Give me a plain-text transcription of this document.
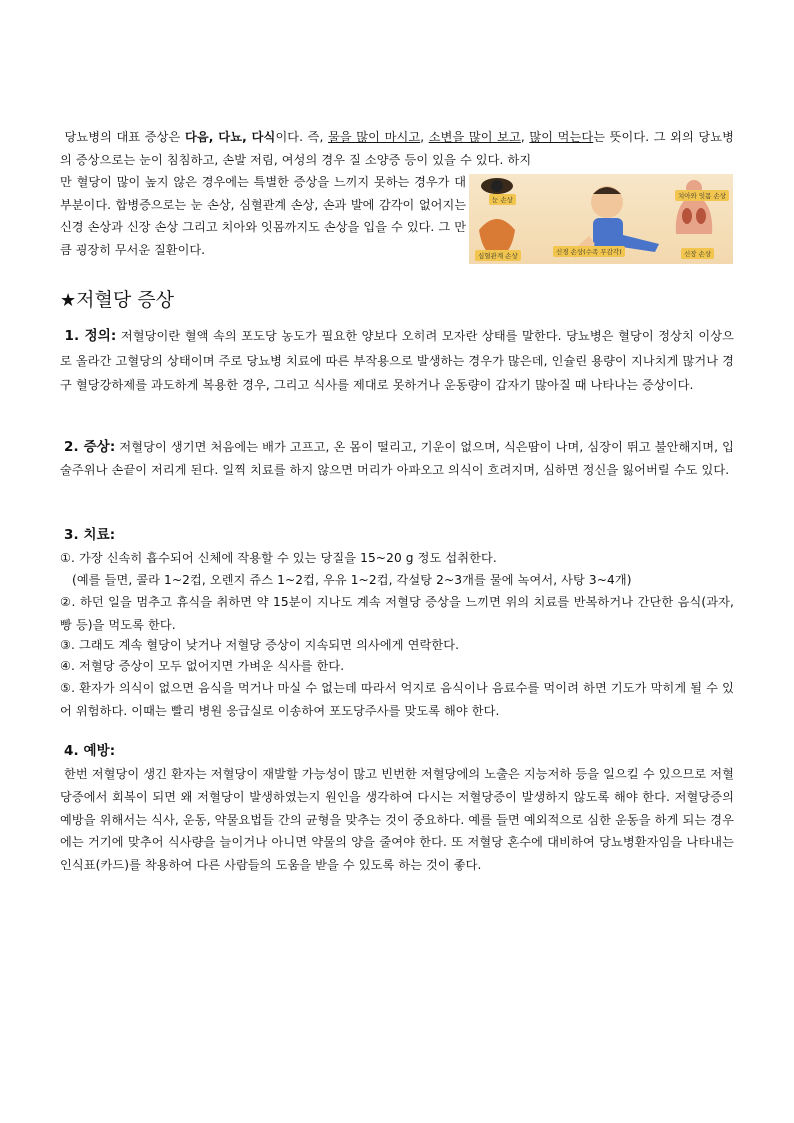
당뇨병의 대표 증상은 다음, 다뇨, 다식이다. 즉, 물을 많이 마시고, 소변을 많이 보고, 많이 먹는다는 뜻이다. 그 외의 당뇨병의 증상으로는 눈이 침침하고, 손발 저림, 여성의 경우 질 소양증 등이 있을 수 있다. 하지
만 혈당이 많이 높지 않은 경우에는 특별한 증상을 느끼지 못하는 경우가 대부분이다. 합병증으로는 눈 손상, 심혈관계 손상, 손과 발에 감각이 없어지는 신경 손상과 신장 손상 그리고 치아와 잇몸까지도 손상을 입을 수 있다. 그 만큼 굉장히 무서운 질환이다.
눈 손상	치아와 잇몸 손상
심혈관계 손상	신경 손상(수족 무감각)	신장 손상
★저혈당 증상
1. 정의: 저혈당이란 혈액 속의 포도당 농도가 필요한 양보다 오히려 모자란 상태를 말한다. 당뇨병은 혈당이 정상치 이상으로 올라간 고혈당의 상태이며 주로 당뇨병 치료에 따른 부작용으로 발생하는 경우가 많은데, 인슐린 용량이 지나치게 많거나 경구 혈당강하제를 과도하게 복용한 경우, 그리고 식사를 제대로 못하거나 운동량이 갑자기 많아질 때 나타나는 증상이다.
2. 증상: 저혈당이 생기면 처음에는 배가 고프고, 온 몸이 떨리고, 기운이 없으며, 식은땀이 나며, 심장이 뛰고 불안해지며, 입술주위나 손끝이 저리게 된다. 일찍 치료를 하지 않으면 머리가 아파오고 의식이 흐려지며, 심하면 정신을 잃어버릴 수도 있다.
3. 치료:
①. 가장 신속히 흡수되어 신체에 작용할 수 있는 당질을 15~20 g 정도 섭취한다.
(예를 들면, 콜라 1~2컵, 오렌지 쥬스 1~2컵, 우유 1~2컵, 각설탕 2~3개를 물에 녹여서, 사탕 3~4개)
②. 하던 일을 멈추고 휴식을 취하면 약 15분이 지나도 계속 저혈당 증상을 느끼면 위의 치료를 반복하거나 간단한 음식(과자, 빵 등)을 먹도록 한다.
③. 그래도 계속 혈당이 낮거나 저혈당 증상이 지속되면 의사에게 연락한다.
④. 저혈당 증상이 모두 없어지면 가벼운 식사를 한다.
⑤. 환자가 의식이 없으면 음식을 먹거나 마실 수 없는데 따라서 억지로 음식이나 음료수를 먹이려 하면 기도가 막히게 될 수 있어 위험하다. 이때는 빨리 병원 응급실로 이송하여 포도당주사를 맞도록 해야 한다.
4. 예방:
한번 저혈당이 생긴 환자는 저혈당이 재발할 가능성이 많고 빈번한 저혈당에의 노출은 지능저하 등을 일으킬 수 있으므로 저혈당증에서 회복이 되면 왜 저혈당이 발생하였는지 원인을 생각하여 다시는 저혈당증이 발생하지 않도록 해야 한다. 저혈당증의 예방을 위해서는 식사, 운동, 약물요법들 간의 균형을 맞추는 것이 중요하다. 예를 들면 예외적으로 심한 운동을 하게 되는 경우에는 거기에 맞추어 식사량을 늘이거나 아니면 약물의 양을 줄여야 한다. 또 저혈당 혼수에 대비하여 당뇨병환자임을 나타내는 인식표(카드)를 착용하여 다른 사람들의 도움을 받을 수 있도록 하는 것이 좋다.
